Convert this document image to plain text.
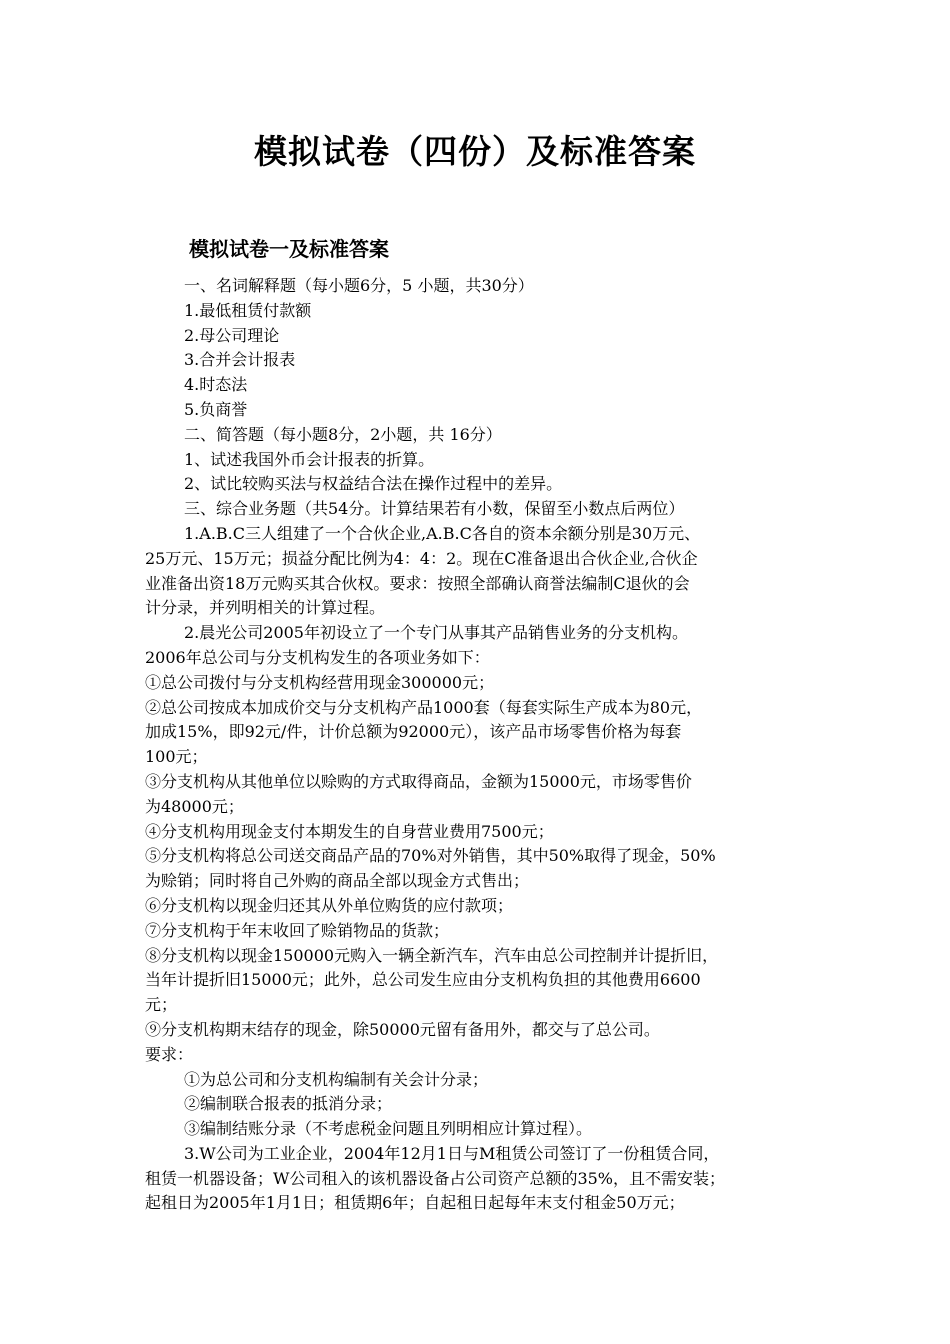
模拟试卷（四份）及标准答案
模拟试卷一及标准答案
一、名词解释题（每小题6分，5 小题，共30分）
1.最低租赁付款额
2.母公司理论
3.合并会计报表
4.时态法
5.负商誉
二、简答题（每小题8分，2小题，共 16分）
1、试述我国外币会计报表的折算。
2、试比较购买法与权益结合法在操作过程中的差异。
三、综合业务题（共54分。计算结果若有小数，保留至小数点后两位）
1.A.B.C三人组建了一个合伙企业,A.B.C各自的资本余额分别是30万元、
25万元、15万元；损益分配比例为4：4：2。现在C准备退出合伙企业,合伙企
业准备出资18万元购买其合伙权。要求：按照全部确认商誉法编制C退伙的会
计分录，并列明相关的计算过程。
2.晨光公司2005年初设立了一个专门从事其产品销售业务的分支机构。
2006年总公司与分支机构发生的各项业务如下：
①总公司拨付与分支机构经营用现金300000元；
②总公司按成本加成价交与分支机构产品1000套（每套实际生产成本为80元，
加成15%，即92元/件，计价总额为92000元），该产品市场零售价格为每套
100元；
③分支机构从其他单位以赊购的方式取得商品，金额为15000元，市场零售价
为48000元；
④分支机构用现金支付本期发生的自身营业费用7500元；
⑤分支机构将总公司送交商品产品的70%对外销售，其中50%取得了现金，50%
为赊销；同时将自己外购的商品全部以现金方式售出；
⑥分支机构以现金归还其从外单位购货的应付款项；
⑦分支机构于年末收回了赊销物品的货款；
⑧分支机构以现金150000元购入一辆全新汽车，汽车由总公司控制并计提折旧，
当年计提折旧15000元；此外，总公司发生应由分支机构负担的其他费用6600
元；
⑨分支机构期末结存的现金，除50000元留有备用外，都交与了总公司。
要求：
①为总公司和分支机构编制有关会计分录；
②编制联合报表的抵消分录；
③编制结账分录（不考虑税金问题且列明相应计算过程）。
3.W公司为工业企业，2004年12月1日与M租赁公司签订了一份租赁合同，
租赁一机器设备；W公司租入的该机器设备占公司资产总额的35%，且不需安装；
起租日为2005年1月1日；租赁期6年；自起租日起每年末支付租金50万元；
